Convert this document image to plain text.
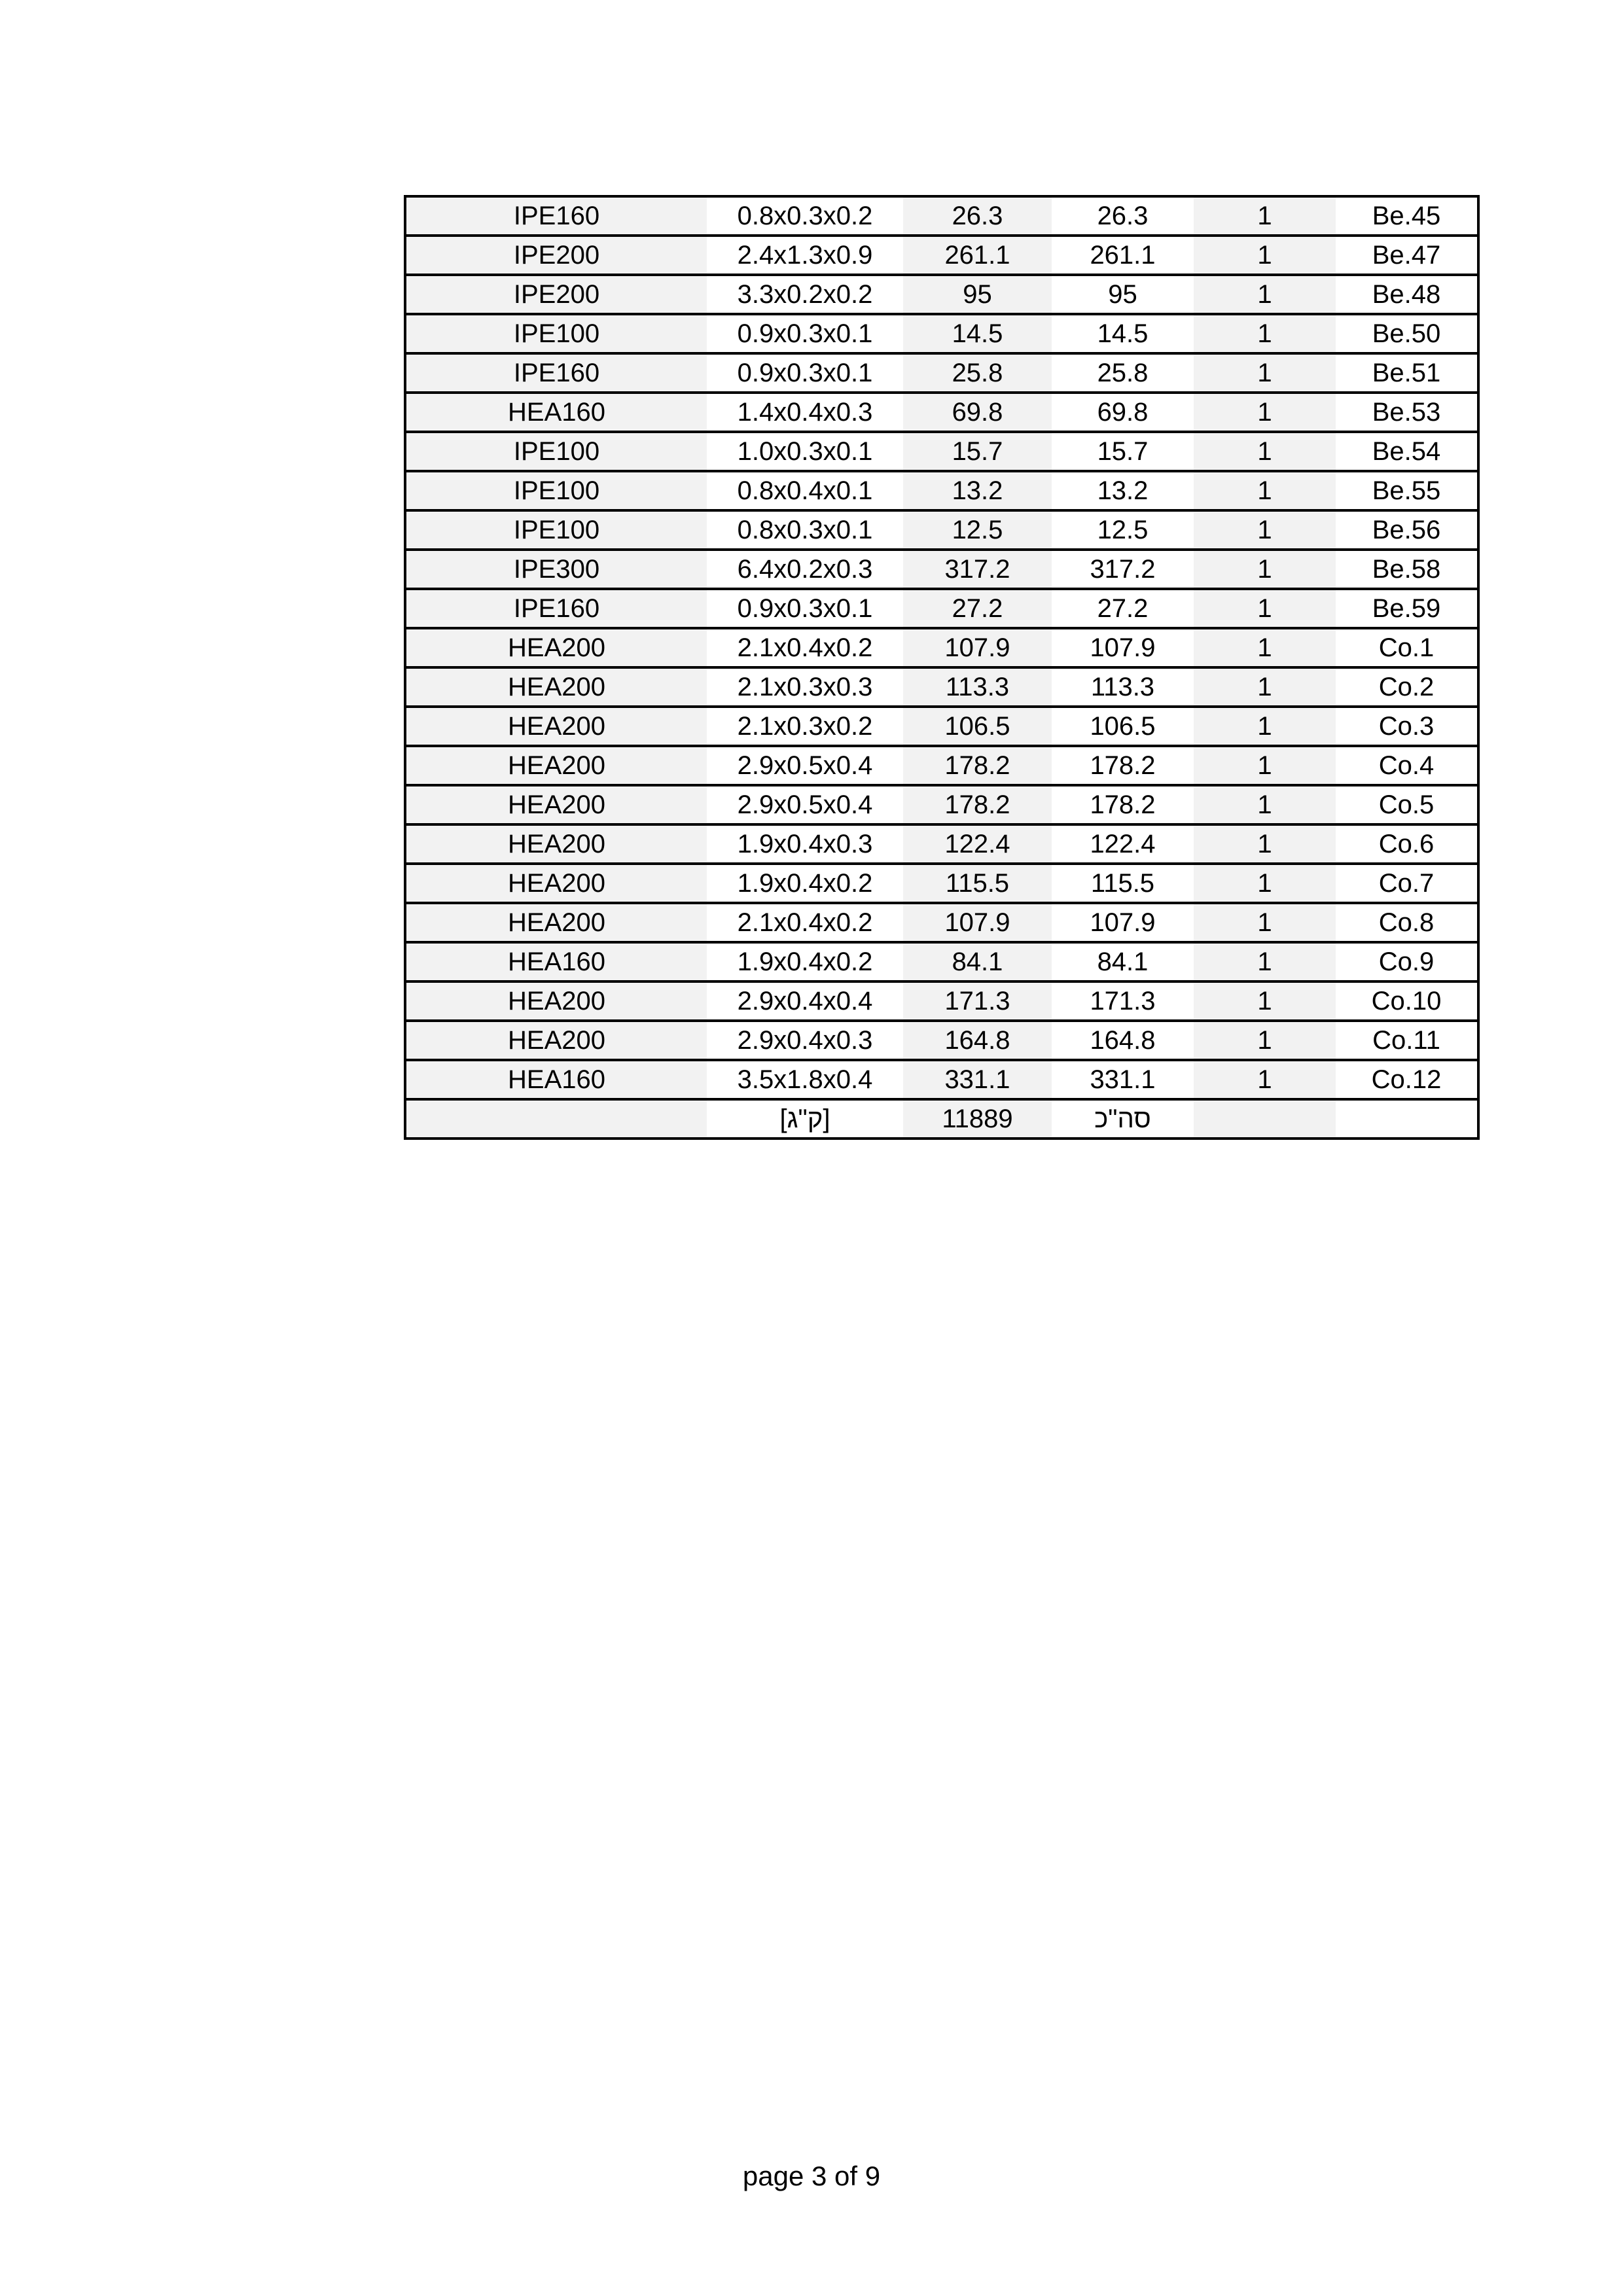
IPE160	0.8x0.3x0.2	26.3	26.3	1	Be.45
IPE200	2.4x1.3x0.9	261.1	261.1	1	Be.47
IPE200	3.3x0.2x0.2	95	95	1	Be.48
IPE100	0.9x0.3x0.1	14.5	14.5	1	Be.50
IPE160	0.9x0.3x0.1	25.8	25.8	1	Be.51
HEA160	1.4x0.4x0.3	69.8	69.8	1	Be.53
IPE100	1.0x0.3x0.1	15.7	15.7	1	Be.54
IPE100	0.8x0.4x0.1	13.2	13.2	1	Be.55
IPE100	0.8x0.3x0.1	12.5	12.5	1	Be.56
IPE300	6.4x0.2x0.3	317.2	317.2	1	Be.58
IPE160	0.9x0.3x0.1	27.2	27.2	1	Be.59
HEA200	2.1x0.4x0.2	107.9	107.9	1	Co.1
HEA200	2.1x0.3x0.3	113.3	113.3	1	Co.2
HEA200	2.1x0.3x0.2	106.5	106.5	1	Co.3
HEA200	2.9x0.5x0.4	178.2	178.2	1	Co.4
HEA200	2.9x0.5x0.4	178.2	178.2	1	Co.5
HEA200	1.9x0.4x0.3	122.4	122.4	1	Co.6
HEA200	1.9x0.4x0.2	115.5	115.5	1	Co.7
HEA200	2.1x0.4x0.2	107.9	107.9	1	Co.8
HEA160	1.9x0.4x0.2	84.1	84.1	1	Co.9
HEA200	2.9x0.4x0.4	171.3	171.3	1	Co.10
HEA200	2.9x0.4x0.3	164.8	164.8	1	Co.11
HEA160	3.5x1.8x0.4	331.1	331.1	1	Co.12
	[ק"ג]	11889	סה"כ		
page 3 of 9
